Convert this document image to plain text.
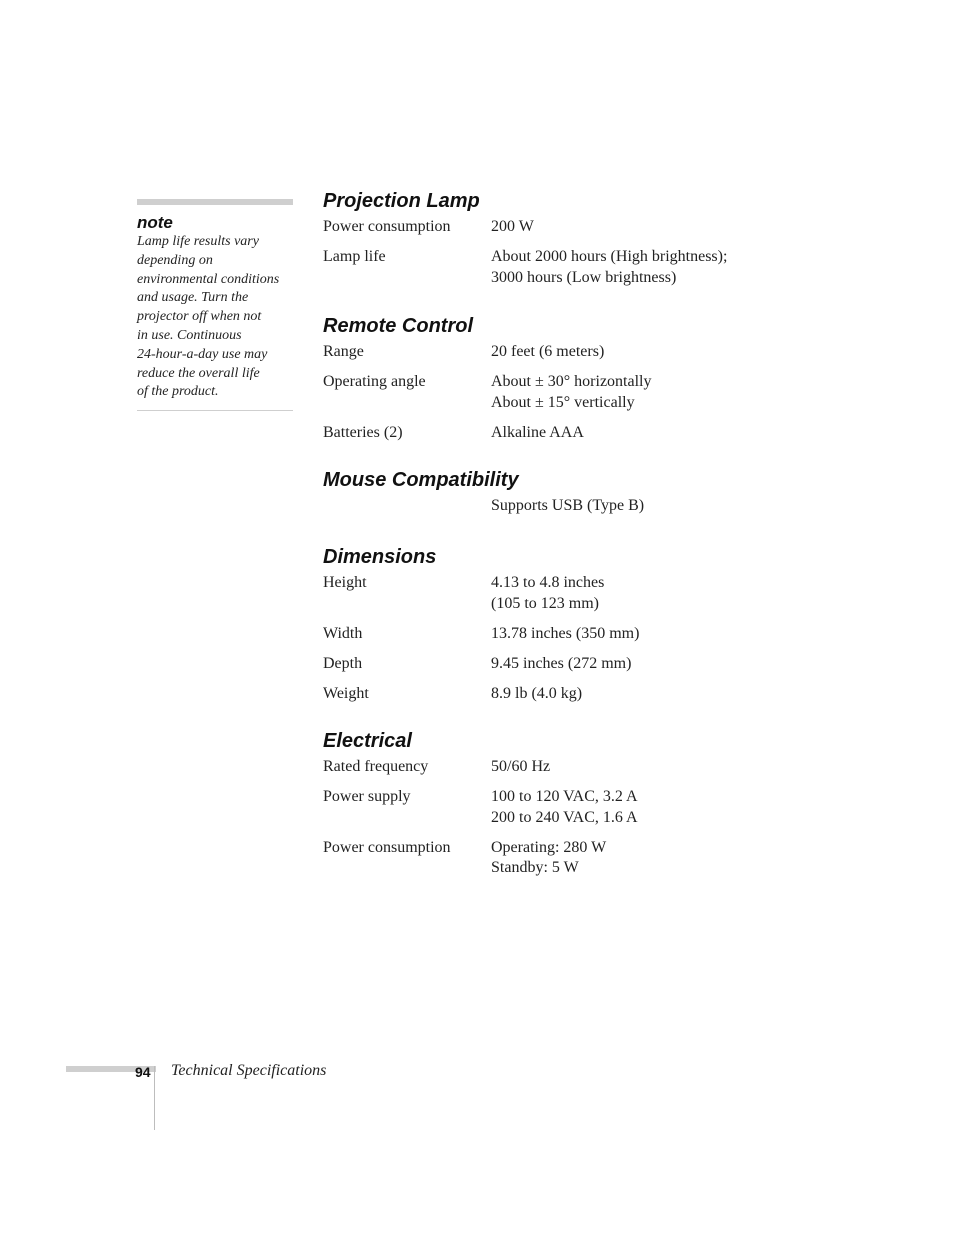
note
Lamp life results vary
depending on
environmental conditions
and usage. Turn the
projector off when not
in use. Continuous
24-hour-a-day use may
reduce the overall life
of the product.
Projection Lamp
Power consumption	200 W
Lamp life	About 2000 hours (High brightness);
3000 hours (Low brightness)
Remote Control
Range	20 feet (6 meters)
Operating angle	About ± 30° horizontally
About ± 15° vertically
Batteries (2)	Alkaline AAA
Mouse Compatibility
Supports USB (Type B)
Dimensions
Height	4.13 to 4.8 inches
(105 to 123 mm)
Width	13.78 inches (350 mm)
Depth	9.45 inches (272 mm)
Weight	8.9 lb (4.0 kg)
Electrical
Rated frequency	50/60 Hz
Power supply	100 to 120 VAC, 3.2 A
200 to 240 VAC, 1.6 A
Power consumption	Operating: 280 W
Standby: 5 W
94 Technical Specifications
